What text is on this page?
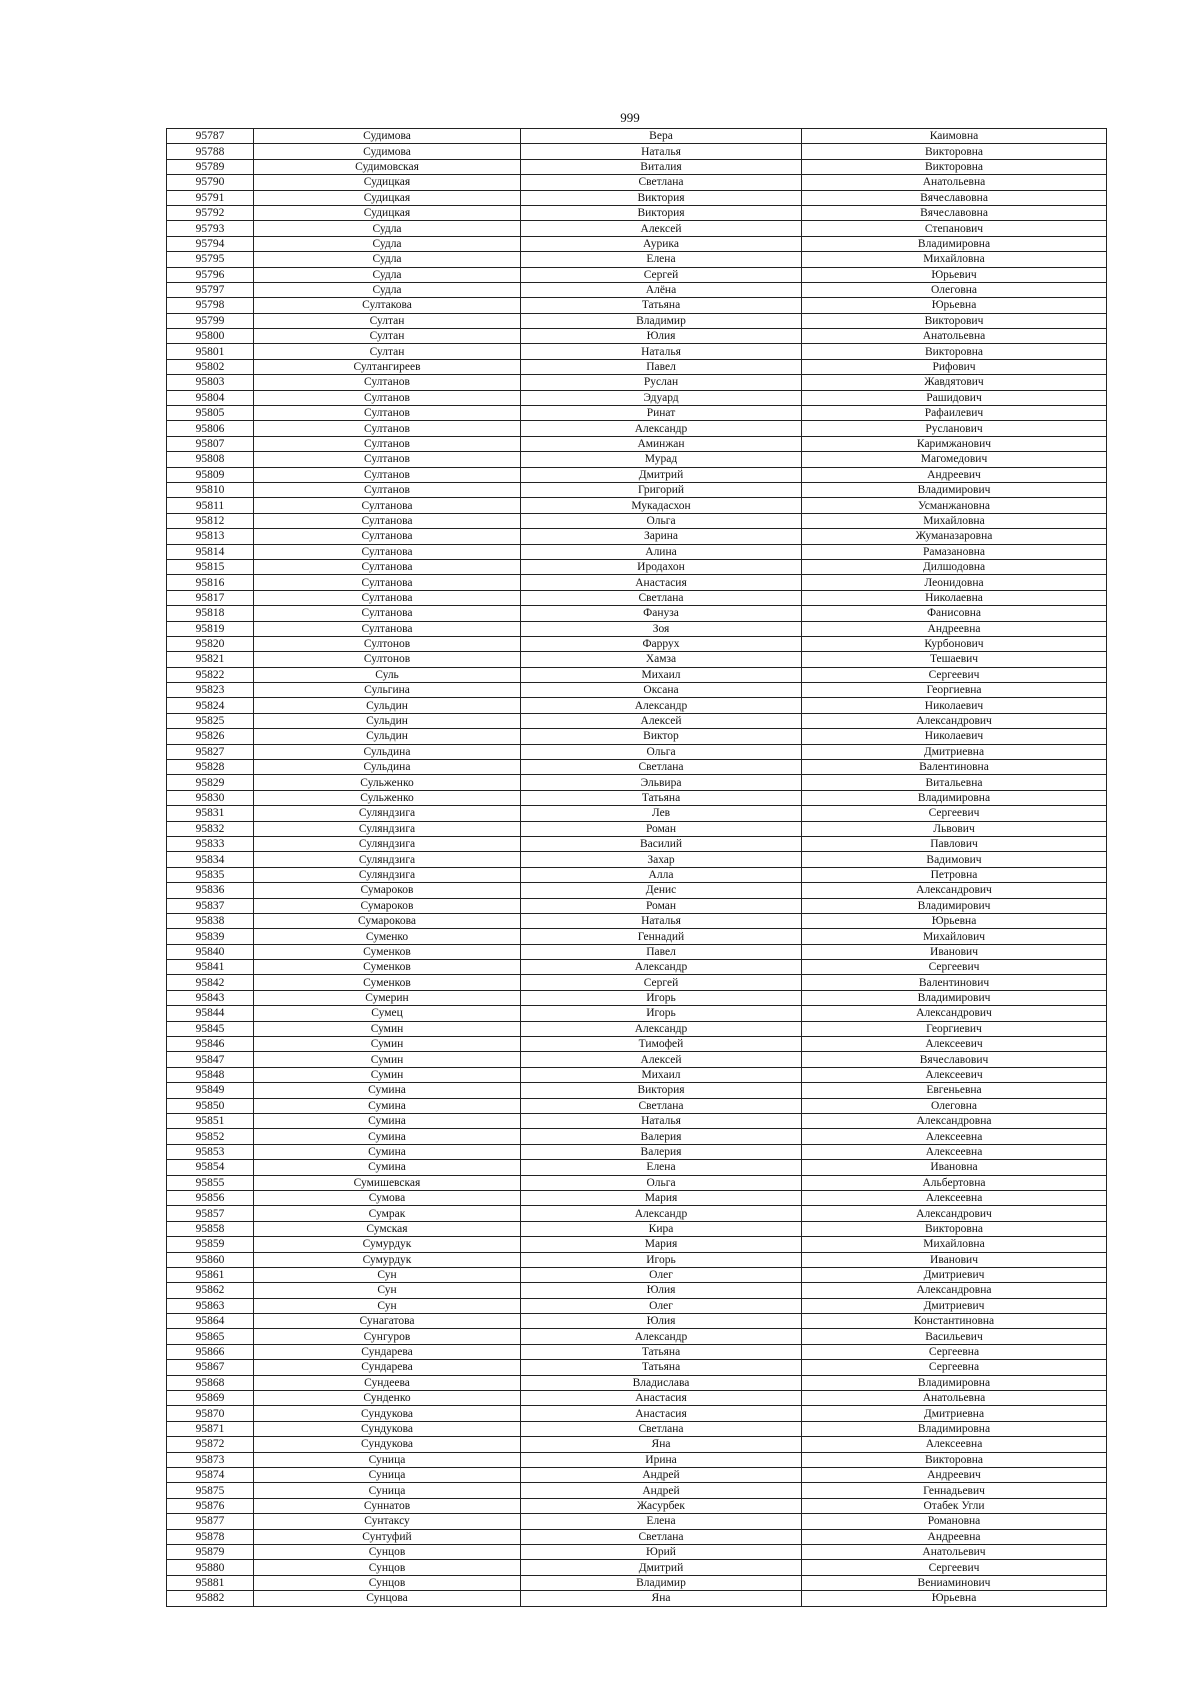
999
95787	Судимова	Вера	Каимовна
95788	Судимова	Наталья	Викторовна
95789	Судимовская	Виталия	Викторовна
95790	Судицкая	Светлана	Анатольевна
95791	Судицкая	Виктория	Вячеславовна
95792	Судицкая	Виктория	Вячеславовна
95793	Судла	Алексей	Степанович
95794	Судла	Аурика	Владимировна
95795	Судла	Елена	Михайловна
95796	Судла	Сергей	Юрьевич
95797	Судла	Алёна	Олеговна
95798	Султакова	Татьяна	Юрьевна
95799	Султан	Владимир	Викторович
95800	Султан	Юлия	Анатольевна
95801	Султан	Наталья	Викторовна
95802	Султангиреев	Павел	Рифович
95803	Султанов	Руслан	Жавдятович
95804	Султанов	Эдуард	Рашидович
95805	Султанов	Ринат	Рафаилевич
95806	Султанов	Александр	Русланович
95807	Султанов	Аминжан	Каримжанович
95808	Султанов	Мурад	Магомедович
95809	Султанов	Дмитрий	Андреевич
95810	Султанов	Григорий	Владимирович
95811	Султанова	Мукадасхон	Усманжановна
95812	Султанова	Ольга	Михайловна
95813	Султанова	Зарина	Жуманазаровна
95814	Султанова	Алина	Рамазановна
95815	Султанова	Иродахон	Дилшодовна
95816	Султанова	Анастасия	Леонидовна
95817	Султанова	Светлана	Николаевна
95818	Султанова	Фануза	Фанисовна
95819	Султанова	Зоя	Андреевна
95820	Султонов	Фаррух	Курбонович
95821	Султонов	Хамза	Тешаевич
95822	Суль	Михаил	Сергеевич
95823	Сульгина	Оксана	Георгиевна
95824	Сульдин	Александр	Николаевич
95825	Сульдин	Алексей	Александрович
95826	Сульдин	Виктор	Николаевич
95827	Сульдина	Ольга	Дмитриевна
95828	Сульдина	Светлана	Валентиновна
95829	Сульженко	Эльвира	Витальевна
95830	Сульженко	Татьяна	Владимировна
95831	Суляндзига	Лев	Сергеевич
95832	Суляндзига	Роман	Львович
95833	Суляндзига	Василий	Павлович
95834	Суляндзига	Захар	Вадимович
95835	Суляндзига	Алла	Петровна
95836	Сумароков	Денис	Александрович
95837	Сумароков	Роман	Владимирович
95838	Сумарокова	Наталья	Юрьевна
95839	Суменко	Геннадий	Михайлович
95840	Суменков	Павел	Иванович
95841	Суменков	Александр	Сергеевич
95842	Суменков	Сергей	Валентинович
95843	Сумерин	Игорь	Владимирович
95844	Сумец	Игорь	Александрович
95845	Сумин	Александр	Георгиевич
95846	Сумин	Тимофей	Алексеевич
95847	Сумин	Алексей	Вячеславович
95848	Сумин	Михаил	Алексеевич
95849	Сумина	Виктория	Евгеньевна
95850	Сумина	Светлана	Олеговна
95851	Сумина	Наталья	Александровна
95852	Сумина	Валерия	Алексеевна
95853	Сумина	Валерия	Алексеевна
95854	Сумина	Елена	Ивановна
95855	Сумишевская	Ольга	Альбертовна
95856	Сумова	Мария	Алексеевна
95857	Сумрак	Александр	Александрович
95858	Сумская	Кира	Викторовна
95859	Сумурдук	Мария	Михайловна
95860	Сумурдук	Игорь	Иванович
95861	Сун	Олег	Дмитриевич
95862	Сун	Юлия	Александровна
95863	Сун	Олег	Дмитриевич
95864	Сунагатова	Юлия	Константиновна
95865	Сунгуров	Александр	Васильевич
95866	Сундарева	Татьяна	Сергеевна
95867	Сундарева	Татьяна	Сергеевна
95868	Сундеева	Владислава	Владимировна
95869	Сунденко	Анастасия	Анатольевна
95870	Сундукова	Анастасия	Дмитриевна
95871	Сундукова	Светлана	Владимировна
95872	Сундукова	Яна	Алексеевна
95873	Суница	Ирина	Викторовна
95874	Суница	Андрей	Андреевич
95875	Суница	Андрей	Геннадьевич
95876	Суннатов	Жасурбек	Отабек Угли
95877	Сунтаксу	Елена	Романовна
95878	Сунтуфий	Светлана	Андреевна
95879	Сунцов	Юрий	Анатольевич
95880	Сунцов	Дмитрий	Сергеевич
95881	Сунцов	Владимир	Вениаминович
95882	Сунцова	Яна	Юрьевна
